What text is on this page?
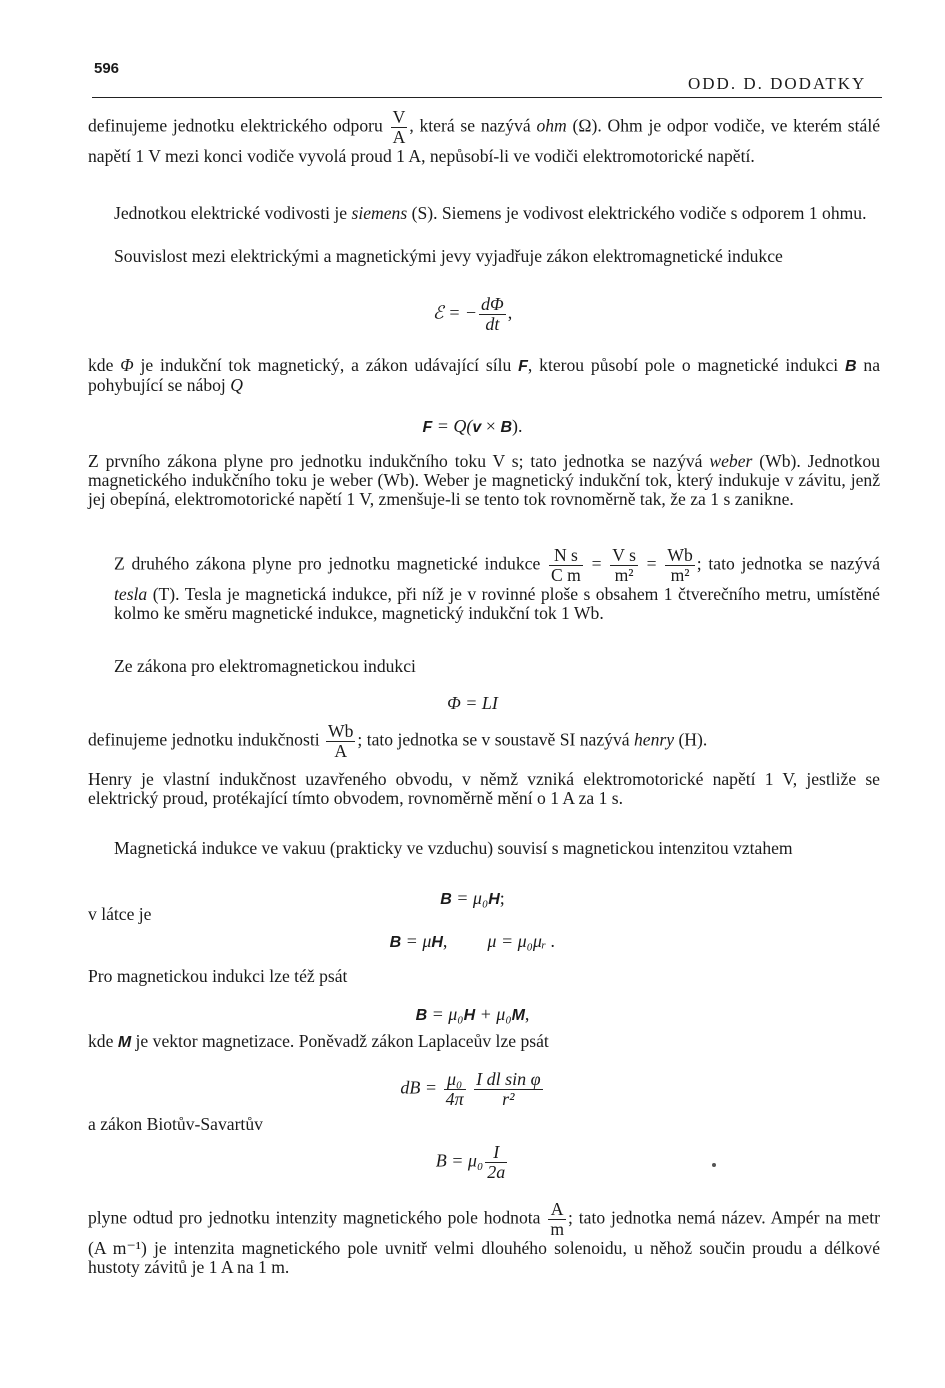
596
ODD. D. DODATKY
definujeme jednotku elektrického odporu $\frac{V}{A}$ , která se nazývá ohm (Ω). Ohm je odpor vodiče, ve kterém stálé napětí 1 V mezi konci vodiče vyvolá proud 1 A, nepůsobí-li ve vodiči elektromotorické napětí.
Jednotkou elektrické vodivosti je siemens (S). Siemens je vodivost elektrického vodiče s odporem 1 ohmu.
Souvislost mezi elektrickými a magnetickými jevy vyjadřuje zákon elektromagnetické indukce
ℰ = − $\frac{d\Phi}{dt}$ ,
kde Φ je indukční tok magnetický, a zákon udávající sílu F, kterou působí pole o magnetické indukci B na pohybující se náboj Q
F = Q(v × B).
Z prvního zákona plyne pro jednotku indukčního toku V s; tato jednotka se nazývá weber (Wb). Jednotkou magnetického indukčního toku je weber (Wb). Weber je magnetický indukční tok, který indukuje v závitu, jenž jej obepíná, elektromotorické napětí 1 V, zmenšuje-li se tento tok rovnoměrně tak, že za 1 s zanikne.
Z druhého zákona plyne pro jednotku magnetické indukce $\frac{\text{N s}}{\text{C m}} = \frac{\text{V s}}{\text{m²}} = \frac{Wb}{\text{m²}}$ ; tato jednotka se nazývá tesla (T). Tesla je magnetická indukce, při níž je v rovinné ploše s obsahem 1 čtverečního metru, umístěné kolmo ke směru magnetické indukce, magnetický indukční tok 1 Wb.
Ze zákona pro elektromagnetickou indukci
Φ = LI
definujeme jednotku indukčnosti $\frac{Wb}{A}$ ; tato jednotka se v soustavě SI nazývá henry (H).
Henry je vlastní indukčnost uzavřeného obvodu, v němž vzniká elektromotorické napětí 1 V, jestliže se elektrický proud, protékající tímto obvodem, rovnoměrně mění o 1 A za 1 s.
Magnetická indukce ve vakuu (prakticky ve vzduchu) souvisí s magnetickou intenzitou vztahem
B = μ₀H;
v látce je
B = μH, μ = μ₀μᵣ .
Pro magnetickou indukci lze též psát
B = μ₀H + μ₀M,
kde M je vektor magnetizace. Poněvadž zákon Laplaceův lze psát
dB = $\frac{\text{μ₀}}{4\pi}$
$\frac{\text{I dl sin φ}}{\text{r²}}$
a zákon Biotův-Savartův
$B = \mu_0 \frac{I}{2a}$
plyne odtud pro jednotku intenzity magnetického pole hodnota $\frac{A}{m}$ ; tato jednotka nemá název. Ampér na metr (A m⁻¹) je intenzita magnetického pole uvnitř velmi dlouhého solenoidu, u něhož součin proudu a délkové hustoty závitů je 1 A na 1 m.
